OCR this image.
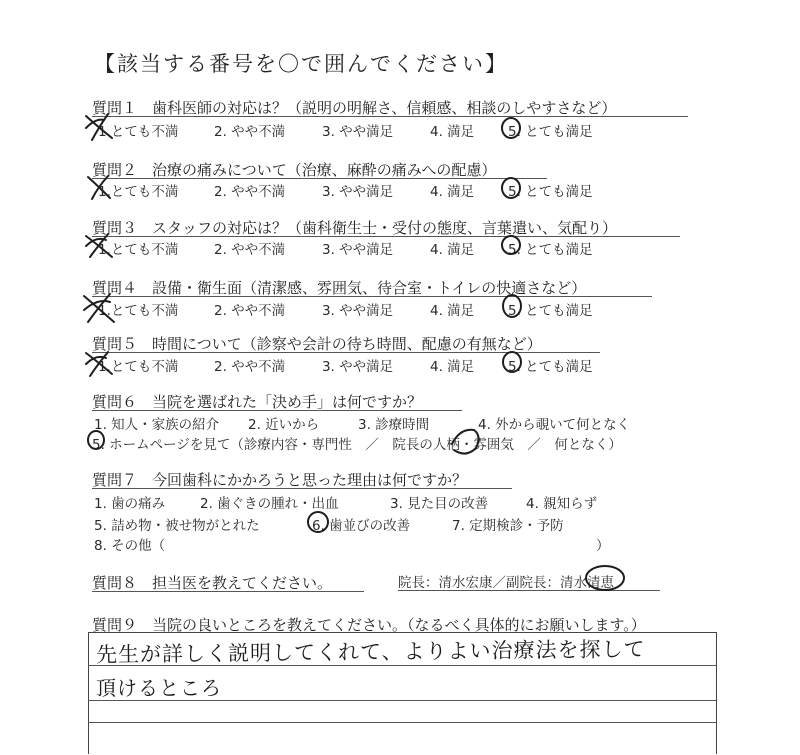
【該当する番号を〇で囲んでください】
質問１　歯科医師の対応は？（説明の明解さ、信頼感、相談のしやすさなど）
1.とても不満	2. やや不満	3. やや満足	4. 満足	5. とても満足
質問２　治療の痛みについて（治療、麻酔の痛みへの配慮）
1.とても不満	2. やや不満	3. やや満足	4. 満足	5. とても満足
質問３　スタッフの対応は？（歯科衛生士・受付の態度、言葉遣い、気配り）
1.とても不満	2. やや不満	3. やや満足	4. 満足	5. とても満足
質問４　設備・衛生面（清潔感、雰囲気、待合室・トイレの快適さなど）
1.とても不満	2. やや不満	3. やや満足	4. 満足	5. とても満足
質問５　時間について（診察や会計の待ち時間、配慮の有無など）
1.とても不満	2. やや不満	3. やや満足	4. 満足	5. とても満足
質問６　当院を選ばれた「決め手」は何ですか？
1. 知人・家族の紹介 2. 近いから	3. 診療時間	4. 外から覗いて何となく
5. ホームページを見て（診療内容・専門性　／　院長の人柄・雰囲気　／　何となく）
質問７　今回歯科にかかろうと思った理由は何ですか？
1. 歯の痛み	2. 歯ぐきの腫れ・出血	3. 見た目の改善	4. 親知らず
5. 詰め物・被せ物がとれた	6. 歯並びの改善	7. 定期検診・予防
8. その他（	）
質問８　担当医を教えてください。	院長：清水宏康／副院長：清水清恵
質問９　当院の良いところを教えてください。（なるべく具体的にお願いします。）
先生が詳しく説明してくれて、よりよい治療法を探して
頂けるところ
